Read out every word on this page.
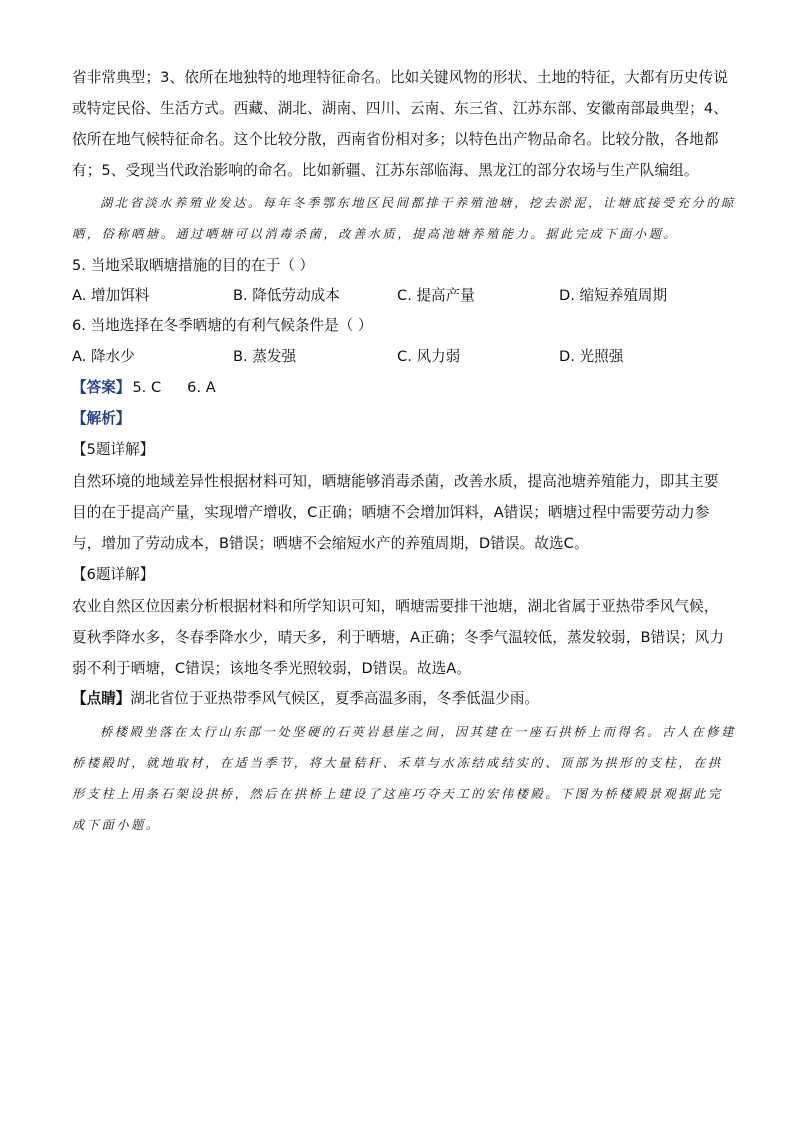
省非常典型；3、依所在地独特的地理特征命名。比如关键风物的形状、土地的特征，大都有历史传说或特定民俗、生活方式。西藏、湖北、湖南、四川、云南、东三省、江苏东部、安徽南部最典型；4、依所在地气候特征命名。这个比较分散，西南省份相对多；以特色出产物品命名。比较分散，各地都有；5、受现当代政治影响的命名。比如新疆、江苏东部临海、黑龙江的部分农场与生产队编组。

湖北省淡水养殖业发达。每年冬季鄂东地区民间都排干养殖池塘，挖去淤泥，让塘底接受充分的晾晒，俗称晒塘。通过晒塘可以消毒杀菌，改善水质，提高池塘养殖能力。据此完成下面小题。

5. 当地采取晒塘措施的目的在于（ ）

A. 增加饵料	B. 降低劳动成本	C. 提高产量	D. 缩短养殖周期

6. 当地选择在冬季晒塘的有利气候条件是（ ）

A. 降水少	B. 蒸发强	C. 风力弱	D. 光照强
【答案】 5. C 6. A
【解析】
【5题详解】

自然环境的地域差异性根据材料可知，晒塘能够消毒杀菌，改善水质，提高池塘养殖能力，即其主要目的在于提高产量，实现增产增收，C正确；晒塘不会增加饵料，A错误；晒塘过程中需要劳动力参与，增加了劳动成本，B错误；晒塘不会缩短水产的养殖周期，D错误。故选C。

【6题详解】

农业自然区位因素分析根据材料和所学知识可知，晒塘需要排干池塘，湖北省属于亚热带季风气候，夏秋季降水多，冬春季降水少，晴天多，利于晒塘，A正确；冬季气温较低，蒸发较弱，B错误；风力弱不利于晒塘，C错误；该地冬季光照较弱，D错误。故选A。

【点睛】湖北省位于亚热带季风气候区，夏季高温多雨，冬季低温少雨。

桥楼殿坐落在太行山东部一处坚硬的石英岩悬崖之间，因其建在一座石拱桥上而得名。古人在修建桥楼殿时，就地取材，在适当季节，将大量秸秆、禾草与水冻结成结实的、顶部为拱形的支柱，在拱形支柱上用条石架设拱桥，然后在拱桥上建设了这座巧夺天工的宏伟楼殿。下图为桥楼殿景观据此完成下面小题。
